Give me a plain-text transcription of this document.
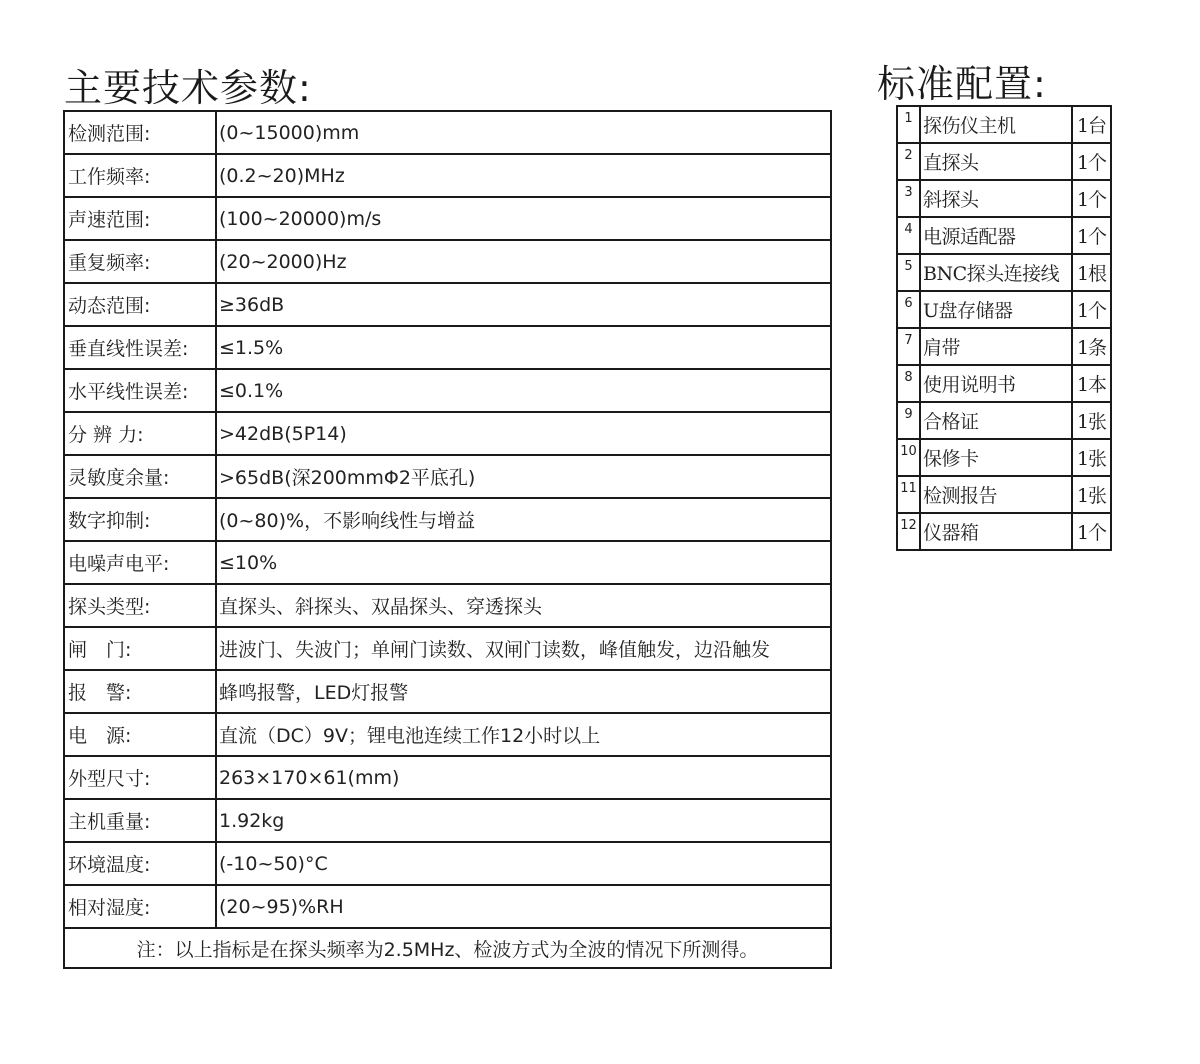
主要技术参数:
检测范围:	(0~15000)mm
工作频率:	(0.2~20)MHz
声速范围:	(100~20000)m/s
重复频率:	(20~2000)Hz
动态范围:	≥36dB
垂直线性误差:	≤1.5%
水平线性误差:	≤0.1%
分 辨 力:	>42dB(5P14)
灵敏度余量:	>65dB(深200mmΦ2平底孔)
数字抑制:	(0~80)%，不影响线性与增益
电噪声电平:	≤10%
探头类型:	直探头、斜探头、双晶探头、穿透探头
闸　门:	进波门、失波门；单闸门读数、双闸门读数，峰值触发，边沿触发
报　警:	蜂鸣报警，LED灯报警
电　源:	直流（DC）9V；锂电池连续工作12小时以上
外型尺寸:	263×170×61(mm)
主机重量:	1.92kg
环境温度:	(-10~50)°C
相对湿度:	(20~95)%RH
注：以上指标是在探头频率为2.5MHz、检波方式为全波的情况下所测得。	
标准配置:
1	探伤仪主机	1台
2	直探头	1个
3	斜探头	1个
4	电源适配器	1个
5	BNC探头连接线	1根
6	U盘存储器	1个
7	肩带	1条
8	使用说明书	1本
9	合格证	1张
10	保修卡	1张
11	检测报告	1张
12	仪器箱	1个
